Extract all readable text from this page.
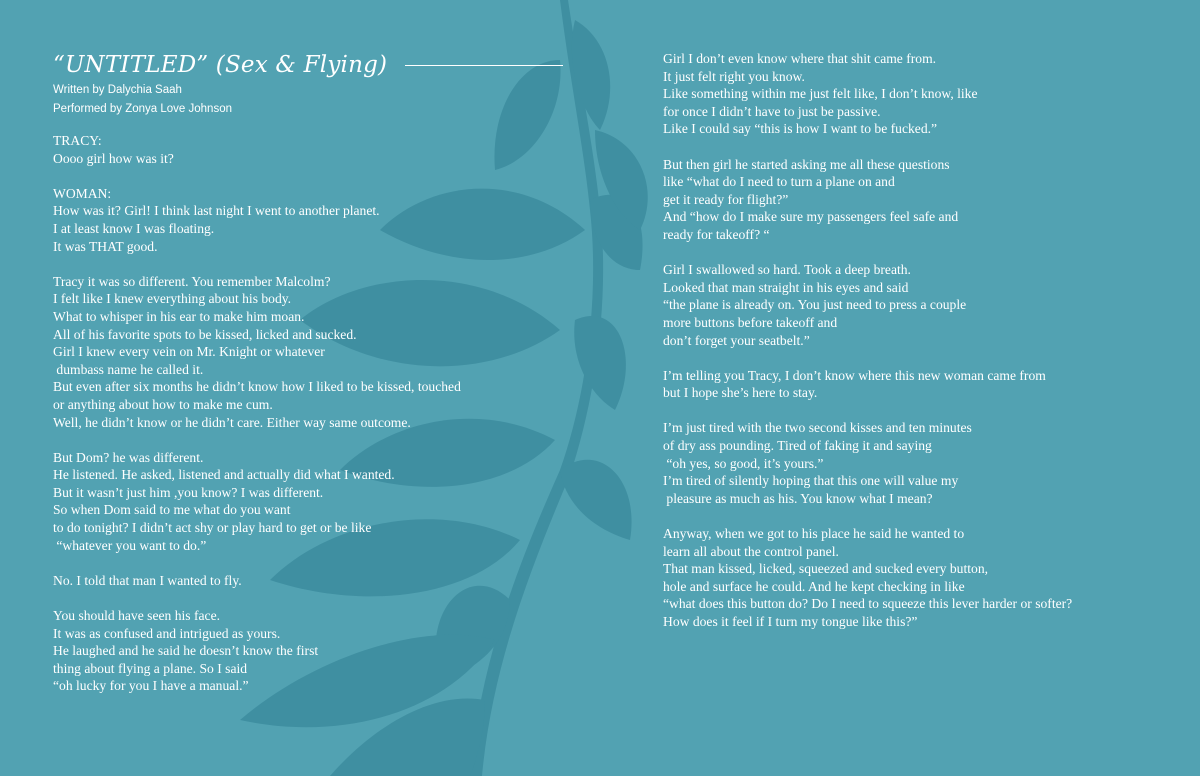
“UNTITLED” (Sex & Flying)
Written by Dalychia Saah
Performed by Zonya Love Johnson
TRACY:
Oooo girl how was it?
WOMAN:
How was it? Girl! I think last night I went to another planet.
I at least know I was floating.
It was THAT good.
Tracy it was so different. You remember Malcolm?
I felt like I knew everything about his body.
What to whisper in his ear to make him moan.
All of his favorite spots to be kissed, licked and sucked.
Girl I knew every vein on Mr. Knight or whatever
dumbass name he called it.
But even after six months he didn’t know how I liked to be kissed, touched
or anything about how to make me cum.
Well, he didn’t know or he didn’t care. Either way same outcome.
But Dom? he was different.
He listened. He asked, listened and actually did what I wanted.
But it wasn’t just him ,you know? I was different.
So when Dom said to me what do you want
to do tonight? I didn’t act shy or play hard to get or be like
“whatever you want to do.”
No. I told that man I wanted to fly.
You should have seen his face.
It was as confused and intrigued as yours.
He laughed and he said he doesn’t know the first
thing about flying a plane. So I said
“oh lucky for you I have a manual.”
Girl I don’t even know where that shit came from.
It just felt right you know.
Like something within me just felt like, I don’t know, like
for once I didn’t have to just be passive.
Like I could say “this is how I want to be fucked.”
But then girl he started asking me all these questions
like “what do I need to turn a plane on and
get it ready for flight?”
And “how do I make sure my passengers feel safe and
ready for takeoff? “
Girl I swallowed so hard. Took a deep breath.
Looked that man straight in his eyes and said
“the plane is already on. You just need to press a couple
more buttons before takeoff and
don’t forget your seatbelt.”
I’m telling you Tracy, I don’t know where this new woman came from
but I hope she’s here to stay.
I’m just tired with the two second kisses and ten minutes
of dry ass pounding. Tired of faking it and saying
“oh yes, so good, it’s yours.”
I’m tired of silently hoping that this one will value my
pleasure as much as his. You know what I mean?
Anyway, when we got to his place he said he wanted to
learn all about the control panel.
That man kissed, licked, squeezed and sucked every button,
hole and surface he could. And he kept checking in like
“what does this button do? Do I need to squeeze this lever harder or softer?
How does it feel if I turn my tongue like this?”
